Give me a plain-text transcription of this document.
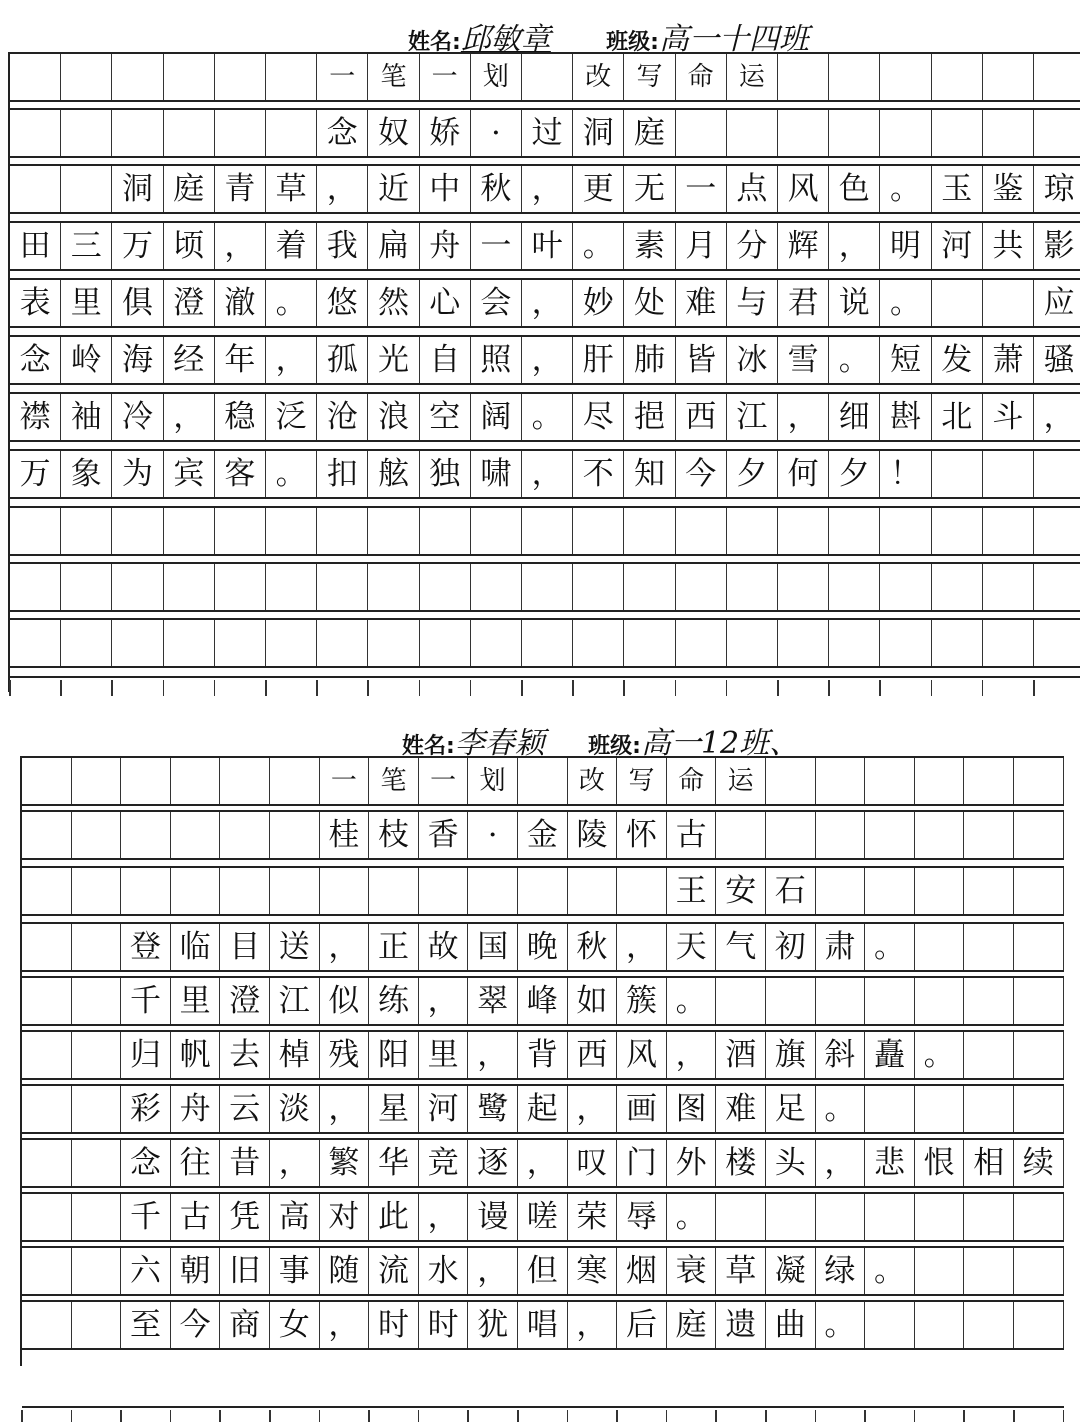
姓名:邱敏章	班级:高一十四班
一 笔 一 划	改 写 命 运
念 奴 娇 · 过 洞 庭
洞 庭 青 草 ， 近 中 秋 ， 更 无 一 点 风 色 。 玉 鉴 琼
田 三 万 顷 ， 着 我 扁 舟 一 叶 。 素 月 分 辉 ， 明 河 共 影
表 里 俱 澄 澈 。 悠 然 心 会 ， 妙 处 难 与 君 说 。	应
念 岭 海 经 年 ， 孤 光 自 照 ， 肝 肺 皆 冰 雪 。 短 发 萧 骚
襟 袖 冷 ， 稳 泛 沧 浪 空 阔 。 尽 挹 西 江 ， 细 斟 北 斗 ，
万 象 为 宾 客 。 扣 舷 独 啸 ， 不 知 今 夕 何 夕 ！
姓名:李春颖 班级:高一12班、
一 笔 一 划	改 写 命 运
桂 枝 香 · 金 陵 怀 古
王 安 石
登 临 目 送 ， 正 故 国 晚 秋 ， 天 气 初 肃 。
千 里 澄 江 似 练 ， 翠 峰 如 簇 。
归 帆 去 棹 残 阳 里 ， 背 西 风 ， 酒 旗 斜 矗 。
彩 舟 云 淡 ， 星 河 鹭 起 ， 画 图 难 足 。
念 往 昔 ， 繁 华 竞 逐 ， 叹 门 外 楼 头 ， 悲 恨 相 续
千 古 凭 高 对 此 ， 谩 嗟 荣 辱 。
六 朝 旧 事 随 流 水 ， 但 寒 烟 衰 草 凝 绿 。
至 今 商 女 ， 时 时 犹 唱 ， 后 庭 遗 曲 。
